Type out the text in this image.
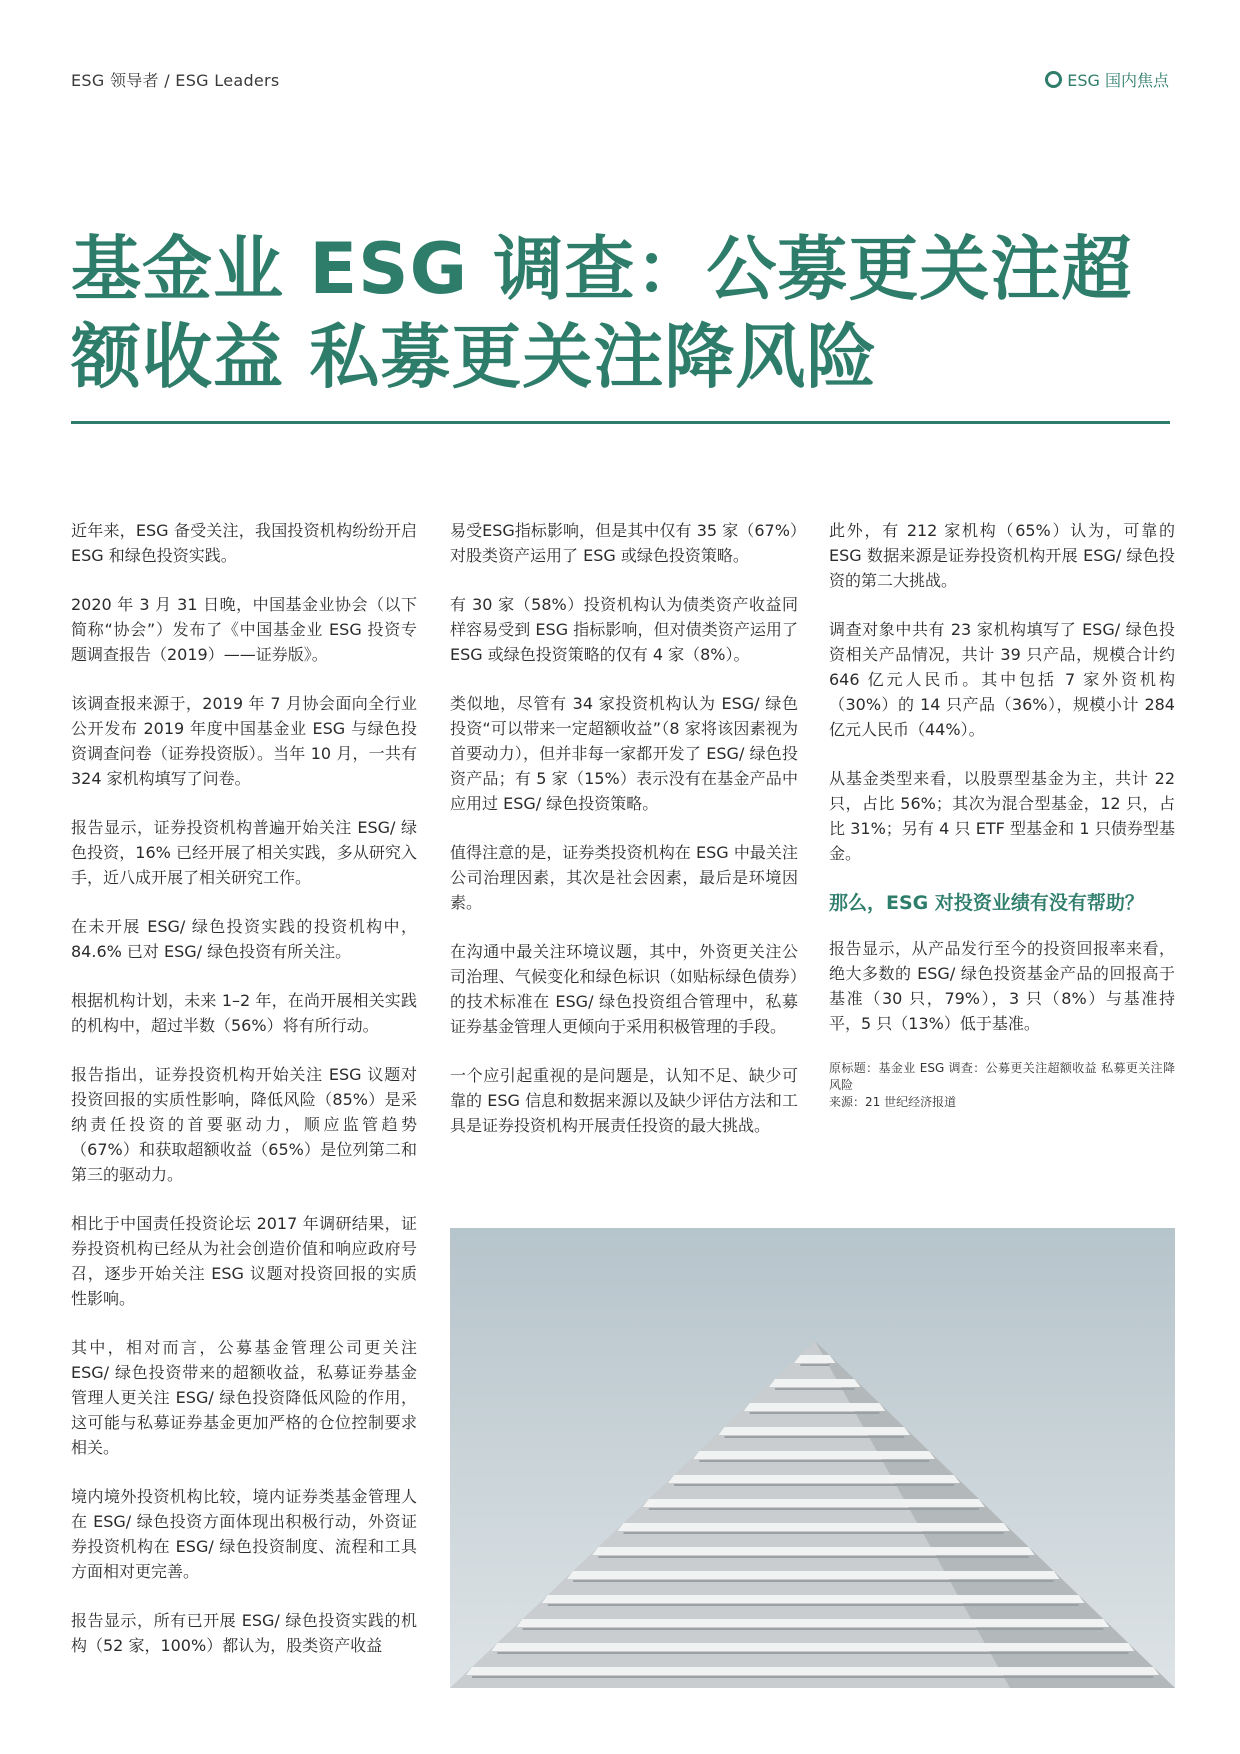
ESG 领导者 / ESG Leaders	ESG 国内焦点
基金业 ESG 调查：公募更关注超额收益 私募更关注降风险

近年来，ESG 备受关注，我国投资机构纷纷开启 ESG 和绿色投资实践。

2020 年 3 月 31 日晚，中国基金业协会（以下简称“协会”）发布了《中国基金业 ESG 投资专题调查报告（2019）——证券版》。

该调查报来源于，2019 年 7 月协会面向全行业公开发布 2019 年度中国基金业 ESG 与绿色投资调查问卷（证券投资版）。当年 10 月，一共有 324 家机构填写了问卷。

报告显示，证券投资机构普遍开始关注 ESG/ 绿色投资，16% 已经开展了相关实践，多从研究入手，近八成开展了相关研究工作。

在未开展 ESG/ 绿色投资实践的投资机构中，84.6% 已对 ESG/ 绿色投资有所关注。

根据机构计划，未来 1–2 年，在尚开展相关实践的机构中，超过半数（56%）将有所行动。

报告指出，证券投资机构开始关注 ESG 议题对投资回报的实质性影响，降低风险（85%）是采纳责任投资的首要驱动力，顺应监管趋势（67%）和获取超额收益（65%）是位列第二和第三的驱动力。

相比于中国责任投资论坛 2017 年调研结果，证券投资机构已经从为社会创造价值和响应政府号召，逐步开始关注 ESG 议题对投资回报的实质性影响。

其中，相对而言，公募基金管理公司更关注 ESG/ 绿色投资带来的超额收益，私募证券基金管理人更关注 ESG/ 绿色投资降低风险的作用，这可能与私募证券基金更加严格的仓位控制要求相关。

境内境外投资机构比较，境内证券类基金管理人在 ESG/ 绿色投资方面体现出积极行动，外资证券投资机构在 ESG/ 绿色投资制度、流程和工具方面相对更完善。

报告显示，所有已开展 ESG/ 绿色投资实践的机构（52 家，100%）都认为，股类资产收益

易受ESG指标影响，但是其中仅有 35 家（67%）对股类资产运用了 ESG 或绿色投资策略。

有 30 家（58%）投资机构认为债类资产收益同样容易受到 ESG 指标影响，但对债类资产运用了 ESG 或绿色投资策略的仅有 4 家（8%）。

类似地，尽管有 34 家投资机构认为 ESG/ 绿色投资“可以带来一定超额收益”（8 家将该因素视为首要动力），但并非每一家都开发了 ESG/ 绿色投资产品；有 5 家（15%）表示没有在基金产品中应用过 ESG/ 绿色投资策略。

值得注意的是，证券类投资机构在 ESG 中最关注公司治理因素，其次是社会因素，最后是环境因素。

在沟通中最关注环境议题，其中，外资更关注公司治理、气候变化和绿色标识（如贴标绿色债券）的技术标准在 ESG/ 绿色投资组合管理中，私募证券基金管理人更倾向于采用积极管理的手段。

一个应引起重视的是问题是，认知不足、缺少可靠的 ESG 信息和数据来源以及缺少评估方法和工具是证券投资机构开展责任投资的最大挑战。

此外，有 212 家机构（65%）认为，可靠的 ESG 数据来源是证券投资机构开展 ESG/ 绿色投资的第二大挑战。

调查对象中共有 23 家机构填写了 ESG/ 绿色投资相关产品情况，共计 39 只产品，规模合计约 646 亿元人民币。其中包括 7 家外资机构（30%）的 14 只产品（36%），规模小计 284 亿元人民币（44%）。

从基金类型来看，以股票型基金为主，共计 22 只，占比 56%；其次为混合型基金，12 只，占比 31%；另有 4 只 ETF 型基金和 1 只债券型基金。

那么，ESG 对投资业绩有没有帮助？

报告显示，从产品发行至今的投资回报率来看，绝大多数的 ESG/ 绿色投资基金产品的回报高于基准（30 只，79%），3 只（8%）与基准持平，5 只（13%）低于基准。

原标题：基金业 ESG 调查：公募更关注超额收益 私募更关注降风险
来源：21 世纪经济报道
